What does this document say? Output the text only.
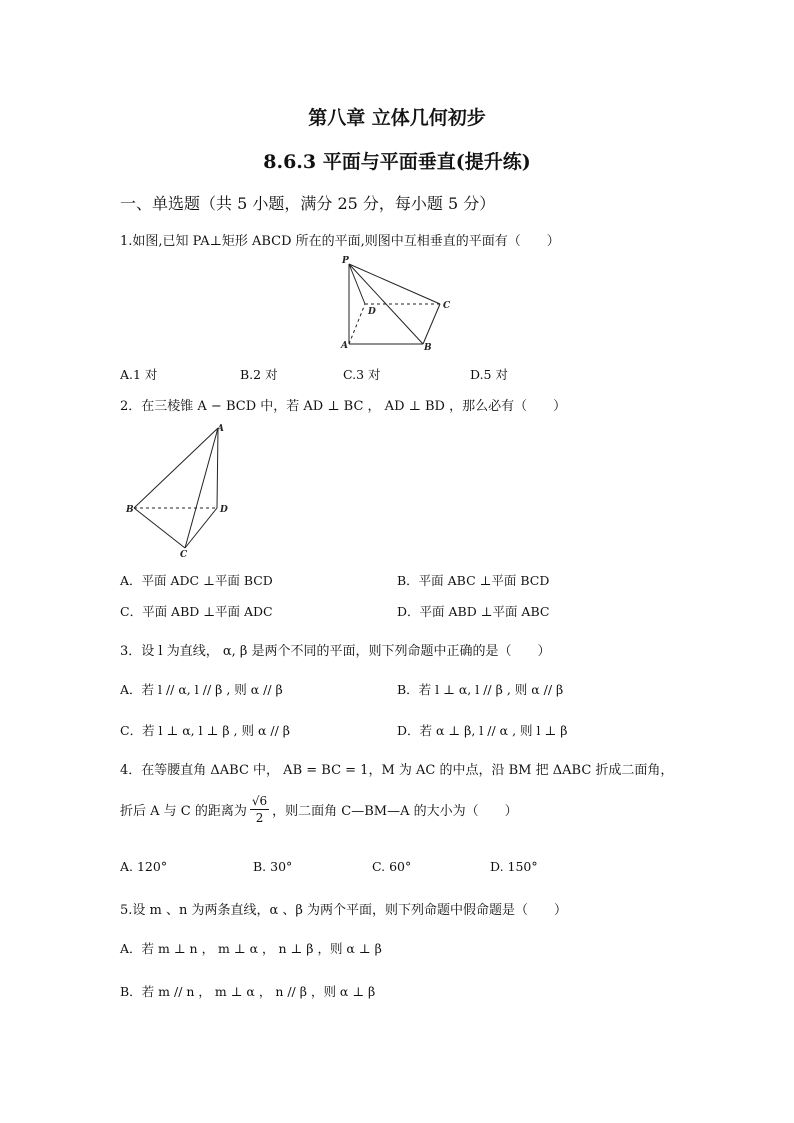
第八章 立体几何初步
8.6.3 平面与平面垂直(提升练)
一、单选题（共 5 小题，满分 25 分，每小题 5 分）
1.如图,已知 PA⊥矩形 ABCD 所在的平面,则图中互相垂直的平面有（　　）
P
D
C
A	B
A.1 对	B.2 对	C.3 对	D.5 对
2．在三棱锥 A − BCD 中，若 AD ⊥ BC ， AD ⊥ BD ，那么必有（　　）
A
B	D
C
A．平面 ADC ⊥平面 BCD	B．平面 ABC ⊥平面 BCD
C．平面 ABD ⊥平面 ADC	D．平面 ABD ⊥平面 ABC
3．设 l 为直线， α, β 是两个不同的平面，则下列命题中正确的是（　　）
A．若 l // α, l // β , 则 α // β	B．若 l ⊥ α, l // β , 则 α // β
C．若 l ⊥ α, l ⊥ β , 则 α // β	D．若 α ⊥ β, l // α , 则 l ⊥ β
4．在等腰直角 ΔABC 中， AB = BC = 1，M 为 AC 的中点，沿 BM 把 ΔABC 折成二面角，
折后 A 与 C 的距离为 $\frac{√6}{2}$ ，则二面角 C—BM—A 的大小为（　　）
A. 120°	B. 30°	C. 60°	D. 150°
5.设 m 、n 为两条直线，α 、β 为两个平面，则下列命题中假命题是（　　）
A．若 m ⊥ n ， m ⊥ α ， n ⊥ β ，则 α ⊥ β
B．若 m // n ， m ⊥ α ， n // β ，则 α ⊥ β
